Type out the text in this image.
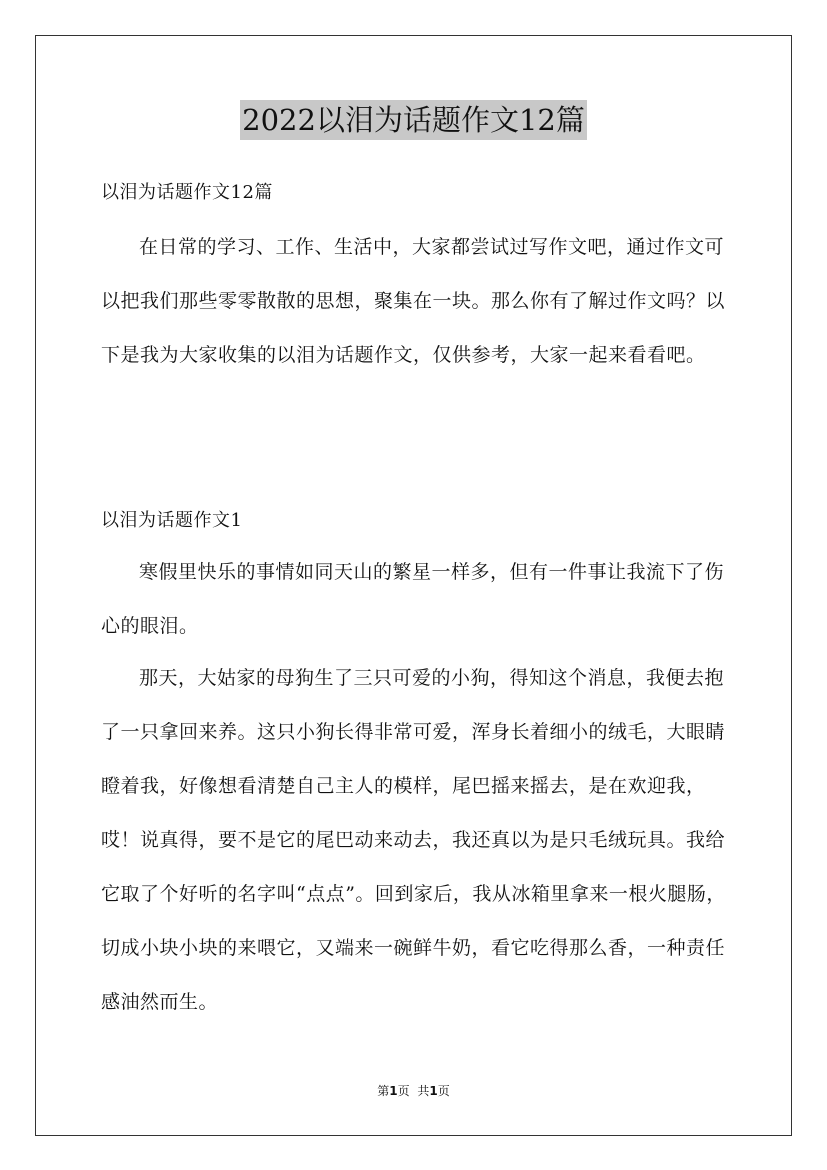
2022以泪为话题作文12篇

以泪为话题作文12篇

在日常的学习、工作、生活中，大家都尝试过写作文吧，通过作文可以把我们那些零零散散的思想，聚集在一块。那么你有了解过作文吗？以下是我为大家收集的以泪为话题作文，仅供参考，大家一起来看看吧。

以泪为话题作文1

寒假里快乐的事情如同天山的繁星一样多，但有一件事让我流下了伤心的眼泪。

那天，大姑家的母狗生了三只可爱的小狗，得知这个消息，我便去抱了一只拿回来养。这只小狗长得非常可爱，浑身长着细小的绒毛，大眼睛瞪着我，好像想看清楚自己主人的模样，尾巴摇来摇去，是在欢迎我，哎！说真得，要不是它的尾巴动来动去，我还真以为是只毛绒玩具。我给它取了个好听的名字叫“点点”。回到家后，我从冰箱里拿来一根火腿肠，切成小块小块的来喂它，又端来一碗鲜牛奶，看它吃得那么香，一种责任感油然而生。

第1页 共1页
